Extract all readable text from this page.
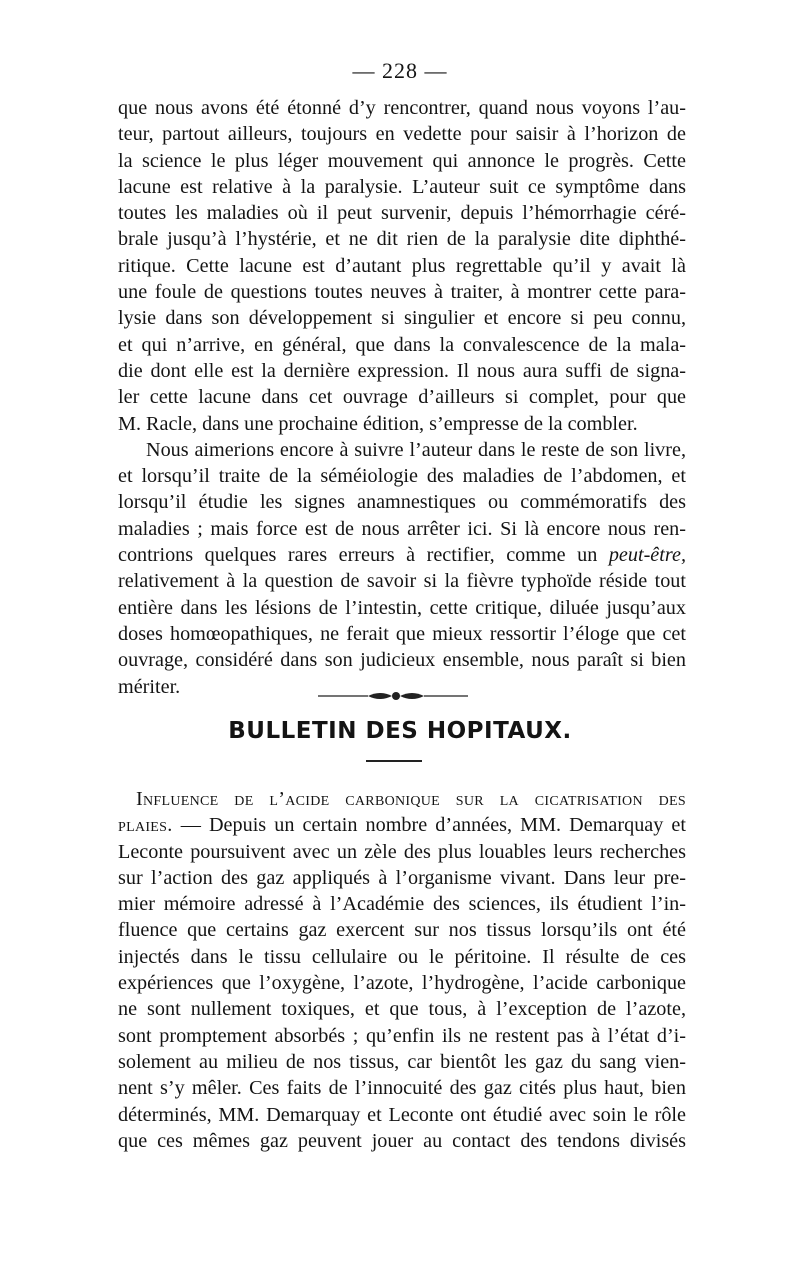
— 228 —

que nous avons été étonné d’y rencontrer, quand nous voyons l’au-
teur, partout ailleurs, toujours en vedette pour saisir à l’horizon de
la science le plus léger mouvement qui annonce le progrès. Cette
lacune est relative à la paralysie. L’auteur suit ce symptôme dans
toutes les maladies où il peut survenir, depuis l’hémorrhagie céré-
brale jusqu’à l’hystérie, et ne dit rien de la paralysie dite diphthé-
ritique. Cette lacune est d’autant plus regrettable qu’il y avait là
une foule de questions toutes neuves à traiter, à montrer cette para-
lysie dans son développement si singulier et encore si peu connu,
et qui n’arrive, en général, que dans la convalescence de la mala-
die dont elle est la dernière expression. Il nous aura suffi de signa-
ler cette lacune dans cet ouvrage d’ailleurs si complet, pour que
M. Racle, dans une prochaine édition, s’empresse de la combler.

Nous aimerions encore à suivre l’auteur dans le reste de son livre,
et lorsqu’il traite de la séméiologie des maladies de l’abdomen, et
lorsqu’il étudie les signes anamnestiques ou commémoratifs des
maladies ; mais force est de nous arrêter ici. Si là encore nous ren-
contrions quelques rares erreurs à rectifier, comme un peut-être,
relativement à la question de savoir si la fièvre typhoïde réside tout
entière dans les lésions de l’intestin, cette critique, diluée jusqu’aux
doses homœopathiques, ne ferait que mieux ressortir l’éloge que cet
ouvrage, considéré dans son judicieux ensemble, nous paraît si bien
mériter.

BULLETIN DES HOPITAUX.

Influence de l’acide carbonique sur la cicatrisation des
plaies. — Depuis un certain nombre d’années, MM. Demarquay et
Leconte poursuivent avec un zèle des plus louables leurs recherches
sur l’action des gaz appliqués à l’organisme vivant. Dans leur pre-
mier mémoire adressé à l’Académie des sciences, ils étudient l’in-
fluence que certains gaz exercent sur nos tissus lorsqu’ils ont été
injectés dans le tissu cellulaire ou le péritoine. Il résulte de ces
expériences que l’oxygène, l’azote, l’hydrogène, l’acide carbonique
ne sont nullement toxiques, et que tous, à l’exception de l’azote,
sont promptement absorbés ; qu’enfin ils ne restent pas à l’état d’i-
solement au milieu de nos tissus, car bientôt les gaz du sang vien-
nent s’y mêler. Ces faits de l’innocuité des gaz cités plus haut, bien
déterminés, MM. Demarquay et Leconte ont étudié avec soin le rôle
que ces mêmes gaz peuvent jouer au contact des tendons divisés
